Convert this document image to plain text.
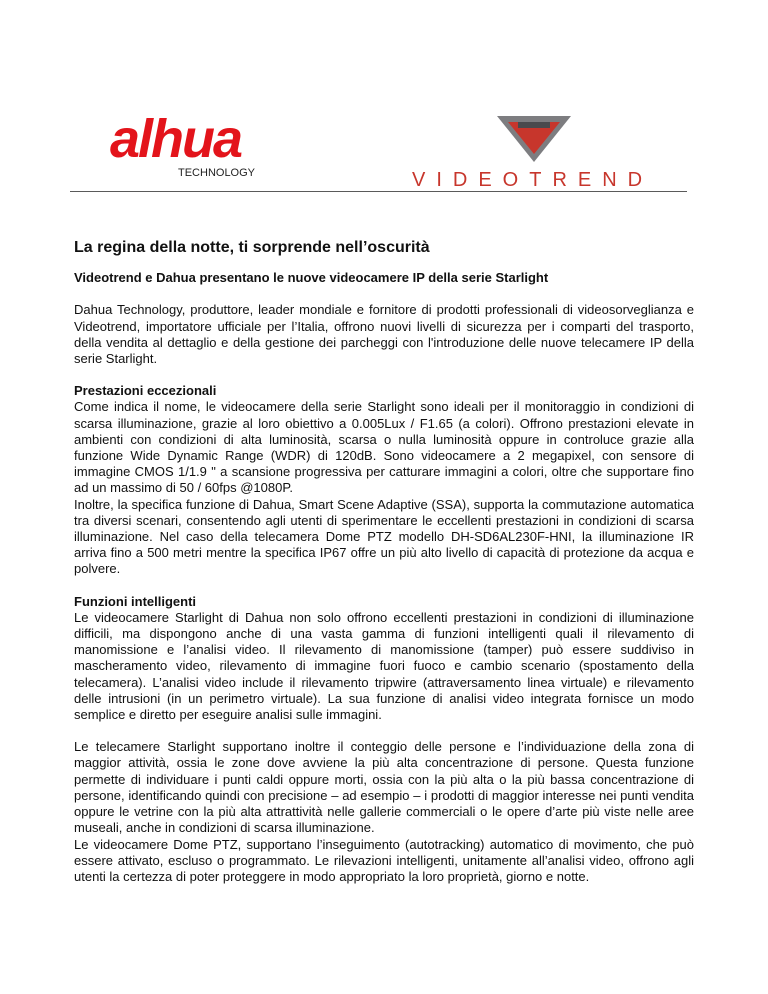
alhua
TECHNOLOGY	VIDEOTREND
La regina della notte, ti sorprende nell’oscurità
Videotrend e Dahua presentano le nuove videocamere IP della serie Starlight

Dahua Technology, produttore, leader mondiale e fornitore di prodotti professionali di videosorveglianza e Videotrend, importatore ufficiale per l’Italia, offrono nuovi livelli di sicurezza per i comparti del trasporto, della vendita al dettaglio e della gestione dei parcheggi con l'introduzione delle nuove telecamere IP della serie Starlight.

Prestazioni eccezionali

Come indica il nome, le videocamere della serie Starlight sono ideali per il monitoraggio in condizioni di scarsa illuminazione, grazie al loro obiettivo a 0.005Lux / F1.65 (a colori). Offrono prestazioni elevate in ambienti con condizioni di alta luminosità, scarsa o nulla luminosità oppure in controluce grazie alla funzione Wide Dynamic Range (WDR) di 120dB. Sono videocamere a 2 megapixel, con sensore di immagine CMOS 1/1.9 " a scansione progressiva per catturare immagini a colori, oltre che supportare fino ad un massimo di 50 / 60fps @1080P.

Inoltre, la specifica funzione di Dahua, Smart Scene Adaptive (SSA), supporta la commutazione automatica tra diversi scenari, consentendo agli utenti di sperimentare le eccellenti prestazioni in condizioni di scarsa illuminazione. Nel caso della telecamera Dome PTZ modello DH-SD6AL230F-HNI, la illuminazione IR arriva fino a 500 metri mentre la specifica IP67 offre un più alto livello di capacità di protezione da acqua e polvere.

Funzioni intelligenti

Le videocamere Starlight di Dahua non solo offrono eccellenti prestazioni in condizioni di illuminazione difficili, ma dispongono anche di una vasta gamma di funzioni intelligenti quali il rilevamento di manomissione e l’analisi video. Il rilevamento di manomissione (tamper) può essere suddiviso in mascheramento video, rilevamento di immagine fuori fuoco e cambio scenario (spostamento della telecamera). L’analisi video include il rilevamento tripwire (attraversamento linea virtuale) e rilevamento delle intrusioni (in un perimetro virtuale). La sua funzione di analisi video integrata fornisce un modo semplice e diretto per eseguire analisi sulle immagini.

Le telecamere Starlight supportano inoltre il conteggio delle persone e l’individuazione della zona di maggior attività, ossia le zone dove avviene la più alta concentrazione di persone. Questa funzione permette di individuare i punti caldi oppure morti, ossia con la più alta o la più bassa concentrazione di persone, identificando quindi con precisione – ad esempio – i prodotti di maggior interesse nei punti vendita oppure le vetrine con la più alta attrattività nelle gallerie commerciali o le opere d’arte più viste nelle aree museali, anche in condizioni di scarsa illuminazione.

Le videocamere Dome PTZ, supportano l’inseguimento (autotracking) automatico di movimento, che può essere attivato, escluso o programmato. Le rilevazioni intelligenti, unitamente all’analisi video, offrono agli utenti la certezza di poter proteggere in modo appropriato la loro proprietà, giorno e notte.
